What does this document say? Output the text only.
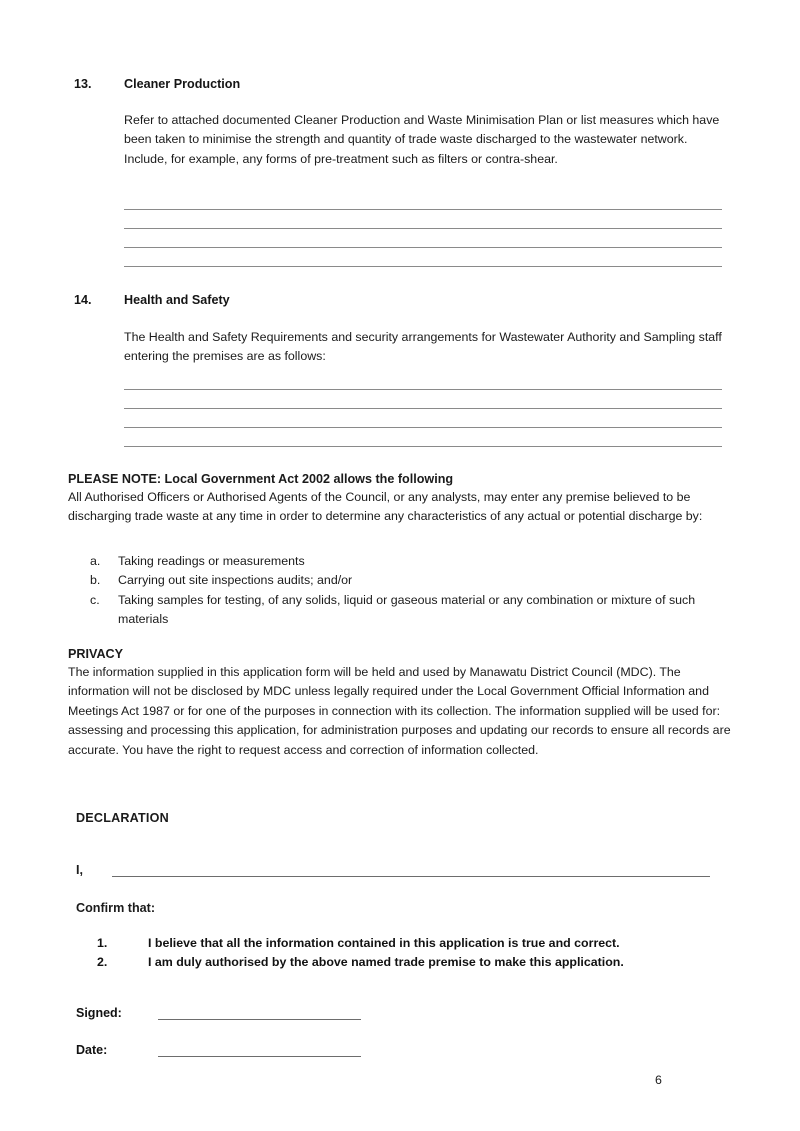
13.	Cleaner Production
Refer to attached documented Cleaner Production and Waste Minimisation Plan or list measures which have been taken to minimise the strength and quantity of trade waste discharged to the wastewater network. Include, for example, any forms of pre-treatment such as filters or contra-shear.
14.	Health and Safety
The Health and Safety Requirements and security arrangements for Wastewater Authority and Sampling staff entering the premises are as follows:
PLEASE NOTE: Local Government Act 2002 allows the following
All Authorised Officers or Authorised Agents of the Council, or any analysts, may enter any premise believed to be discharging trade waste at any time in order to determine any characteristics of any actual or potential discharge by:
a.	Taking readings or measurements
b.	Carrying out site inspections audits; and/or
c.	Taking samples for testing, of any solids, liquid or gaseous material or any combination or mixture of such materials
PRIVACY
The information supplied in this application form will be held and used by Manawatu District Council (MDC). The information will not be disclosed by MDC unless legally required under the Local Government Official Information and Meetings Act 1987 or for one of the purposes in connection with its collection. The information supplied will be used for: assessing and processing this application, for administration purposes and updating our records to ensure all records are accurate. You have the right to request access and correction of information collected.
DECLARATION
I,
Confirm that:
1.	I believe that all the information contained in this application is true and correct.
2.	I am duly authorised by the above named trade premise to make this application.
Signed:
Date:
6
